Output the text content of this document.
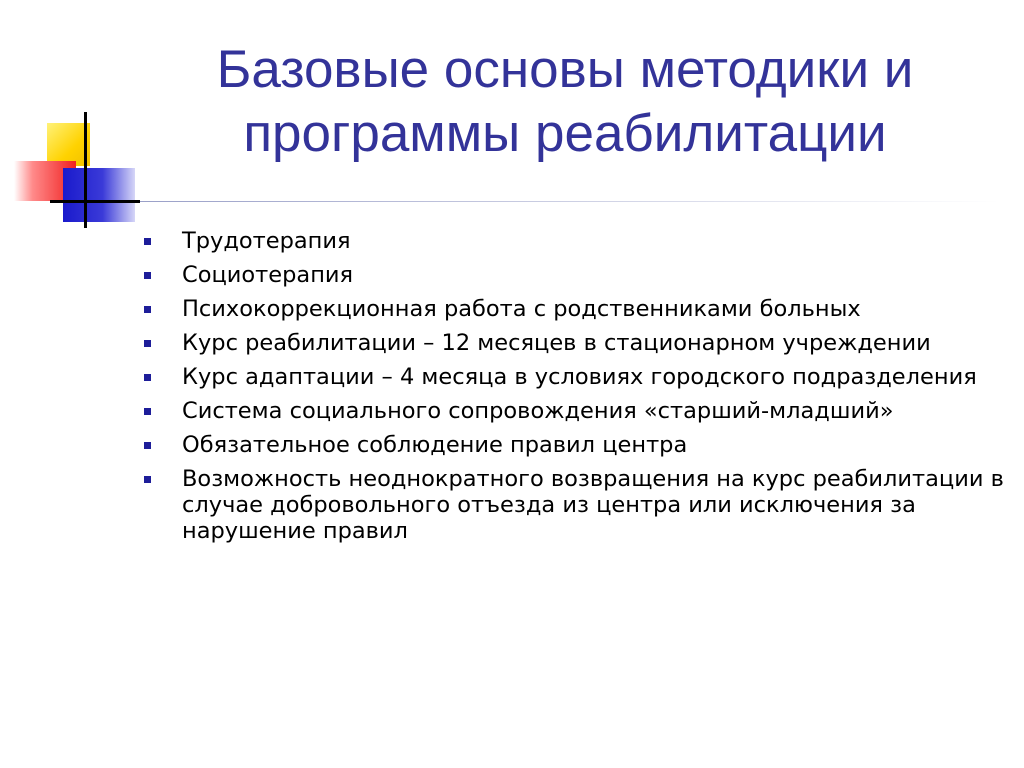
Базовые основы методики и программы реабилитации
Трудотерапия
Социотерапия
Психокоррекционная работа с родственниками больных
Курс реабилитации – 12 месяцев в стационарном учреждении
Курс адаптации – 4 месяца в условиях городского подразделения
Система социального сопровождения «старший-младший»
Обязательное соблюдение правил центра
Возможность неоднократного возвращения на курс реабилитации в случае добровольного отъезда из центра или исключения за нарушение правил
